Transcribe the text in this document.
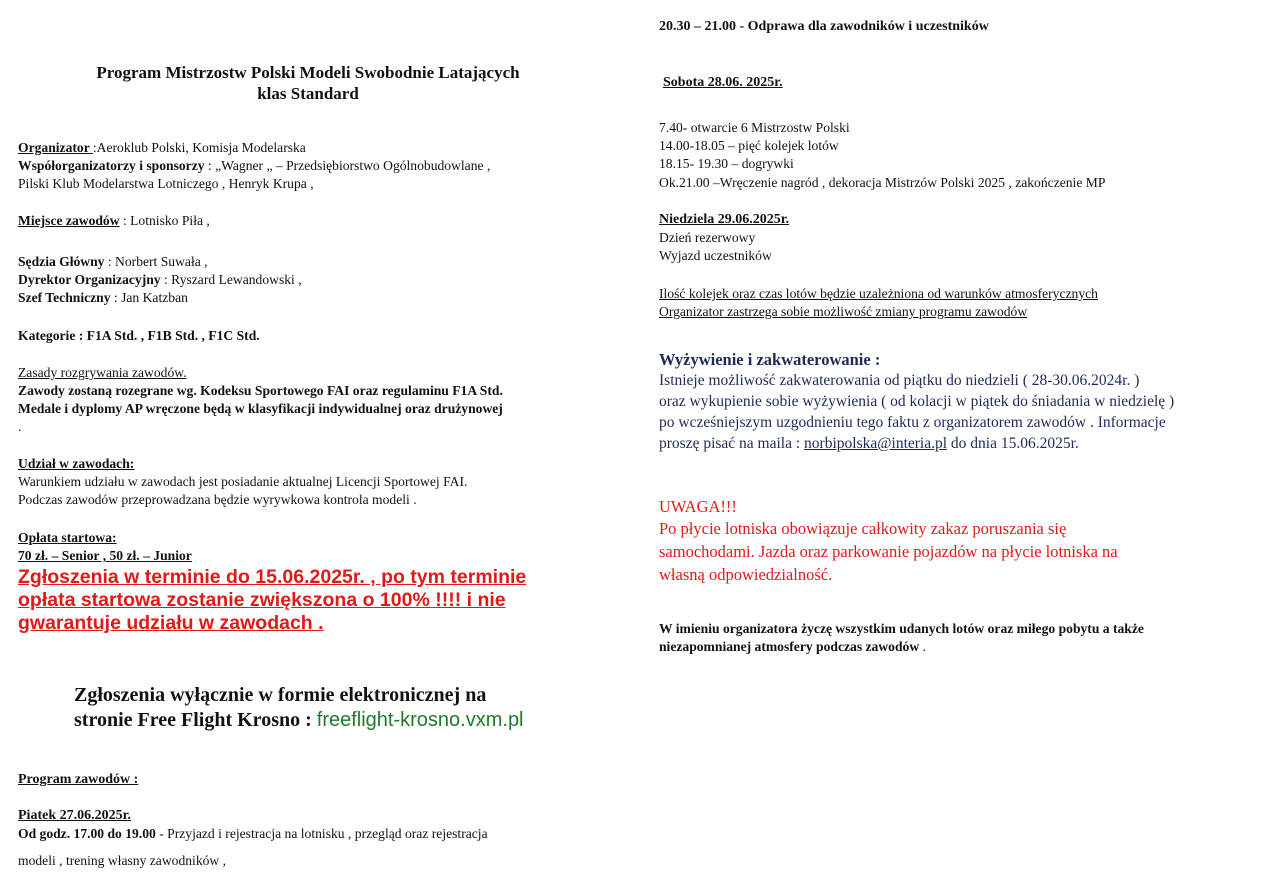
Program Mistrzostw Polski Modeli Swobodnie Latających
klas Standard
Organizator :Aeroklub Polski, Komisja Modelarska
Współorganizatorzy i sponsorzy : „Wagner „ – Przedsiębiorstwo Ogólnobudowlane ,
Pilski Klub Modelarstwa Lotniczego , Henryk Krupa ,
Miejsce zawodów : Lotnisko Piła ,
Sędzia Główny : Norbert Suwała ,
Dyrektor Organizacyjny : Ryszard Lewandowski ,
Szef Techniczny : Jan Katzban
Kategorie : F1A Std. , F1B Std. , F1C Std.
Zasady rozgrywania zawodów.
Zawody zostaną rozegrane wg. Kodeksu Sportowego FAI oraz regulaminu F1A Std.
Medale i dyplomy AP wręczone będą w klasyfikacji indywidualnej oraz drużynowej
.
Udział w zawodach:
Warunkiem udziału w zawodach jest posiadanie aktualnej Licencji Sportowej FAI.
Podczas zawodów przeprowadzana będzie wyrywkowa kontrola modeli .
Opłata startowa:
70 zł. – Senior , 50 zł. – Junior
Zgłoszenia w terminie do 15.06.2025r. , po tym terminie
opłata startowa zostanie zwiększona o 100% !!!! i nie
gwarantuje udziału w zawodach .
Zgłoszenia wyłącznie w formie elektronicznej na
stronie Free Flight Krosno : freeflight-krosno.vxm.pl
Program zawodów :
Piatek 27.06.2025r.
Od godz. 17.00 do 19.00 - Przyjazd i rejestracja na lotnisku , przegląd oraz rejestracja
modeli , trening własny zawodników ,
20.30 – 21.00 - Odprawa dla zawodników i uczestników
Sobota 28.06. 2025r.
7.40- otwarcie 6 Mistrzostw Polski
14.00-18.05 – pięć kolejek lotów
18.15- 19.30 – dogrywki
Ok.21.00 –Wręczenie nagród , dekoracja Mistrzów Polski 2025 , zakończenie MP
Niedziela 29.06.2025r.
Dzień rezerwowy
Wyjazd uczestników
Ilość kolejek oraz czas lotów będzie uzależniona od warunków atmosferycznych
Organizator zastrzega sobie możliwość zmiany programu zawodów
Wyżywienie i zakwaterowanie :
Istnieje możliwość zakwaterowania od piątku do niedzieli ( 28-30.06.2024r. )
oraz wykupienie sobie wyżywienia ( od kolacji w piątek do śniadania w niedzielę )
po wcześniejszym uzgodnieniu tego faktu z organizatorem zawodów . Informacje
proszę pisać na maila : norbipolska@interia.pl do dnia 15.06.2025r.
UWAGA!!!
Po płycie lotniska obowiązuje całkowity zakaz poruszania się
samochodami. Jazda oraz parkowanie pojazdów na płycie lotniska na
własną odpowiedzialność.
W imieniu organizatora życzę wszystkim udanych lotów oraz miłego pobytu a także
niezapomnianej atmosfery podczas zawodów .
